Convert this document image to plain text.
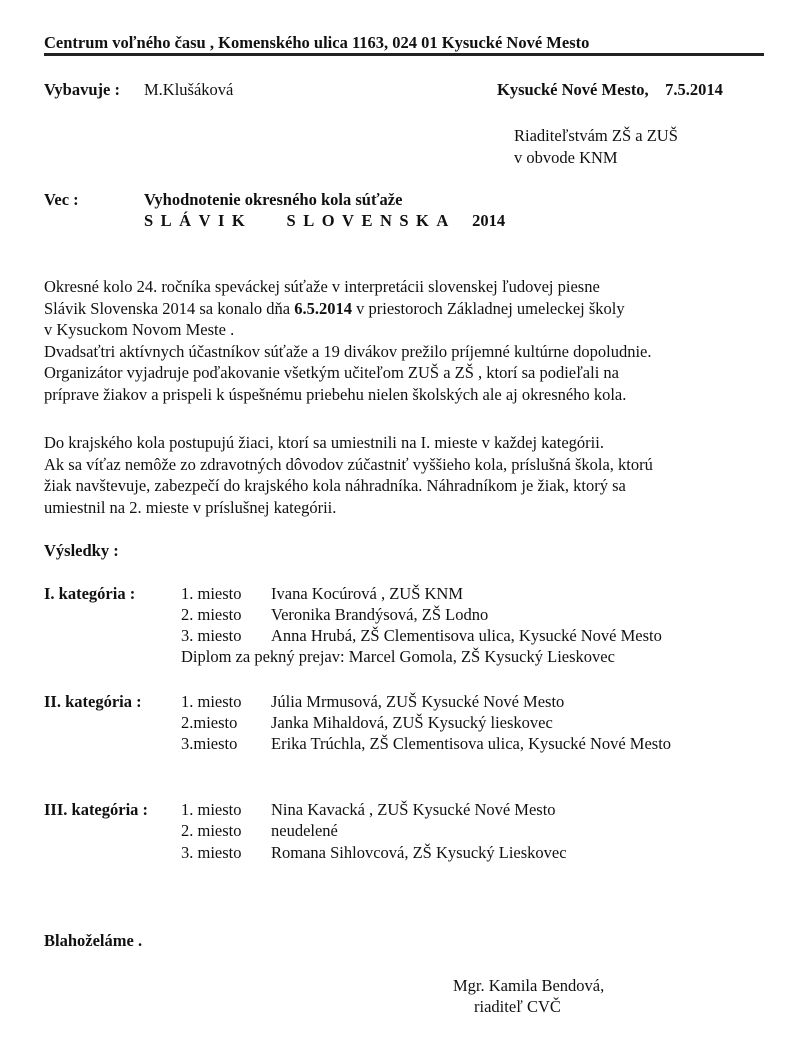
Centrum voľného času , Komenského ulica 1163, 024 01 Kysucké Nové Mesto
Vybavuje : M.Klušáková	Kysucké Nové Mesto,    7.5.2014
Riaditeľstvám ZŠ a ZUŠ
v obvode KNM
Vec :	Vyhodnotenie okresného kola súťaže
SLÁVIK SLOVENSKA 2014
Okresné kolo 24. ročníka speváckej súťaže v interpretácii slovenskej ľudovej piesne
Slávik Slovenska 2014 sa konalo dňa 6.5.2014 v priestoroch Základnej umeleckej školy
v Kysuckom Novom Meste .
Dvadsaťtri aktívnych účastníkov súťaže a 19 divákov prežilo príjemné kultúrne dopoludnie.
Organizátor vyjadruje poďakovanie všetkým učiteľom ZUŠ a ZŠ , ktorí sa podieľali na
príprave žiakov a prispeli k úspešnému priebehu nielen školských ale aj okresného kola.
Do krajského kola postupujú žiaci, ktorí sa umiestnili na I. mieste v každej kategórii.
Ak sa víťaz nemôže zo zdravotných dôvodov zúčastniť vyššieho kola, príslušná škola, ktorú
žiak navštevuje, zabezpečí do krajského kola náhradníka. Náhradníkom je žiak, ktorý sa
umiestnil na 2. mieste v príslušnej kategórii.
Výsledky :
I. kategória :	1. miesto Ivana Kocúrová , ZUŠ KNM
2. miesto Veronika Brandýsová, ZŠ Lodno
3. miesto Anna Hrubá, ZŠ Clementisova ulica, Kysucké Nové Mesto
Diplom za pekný prejav: Marcel Gomola, ZŠ Kysucký Lieskovec
II. kategória : 1. miesto Júlia Mrmusová, ZUŠ Kysucké Nové Mesto
2.miesto Janka Mihaldová, ZUŠ Kysucký lieskovec
3.miesto Erika Trúchla, ZŠ Clementisova ulica, Kysucké Nové Mesto
III. kategória : 1. miesto Nina Kavacká , ZUŠ Kysucké Nové Mesto
2. miesto neudelené
3. miesto Romana Sihlovcová, ZŠ Kysucký Lieskovec
Blahoželáme .
Mgr. Kamila Bendová,
riaditeľ CVČ
